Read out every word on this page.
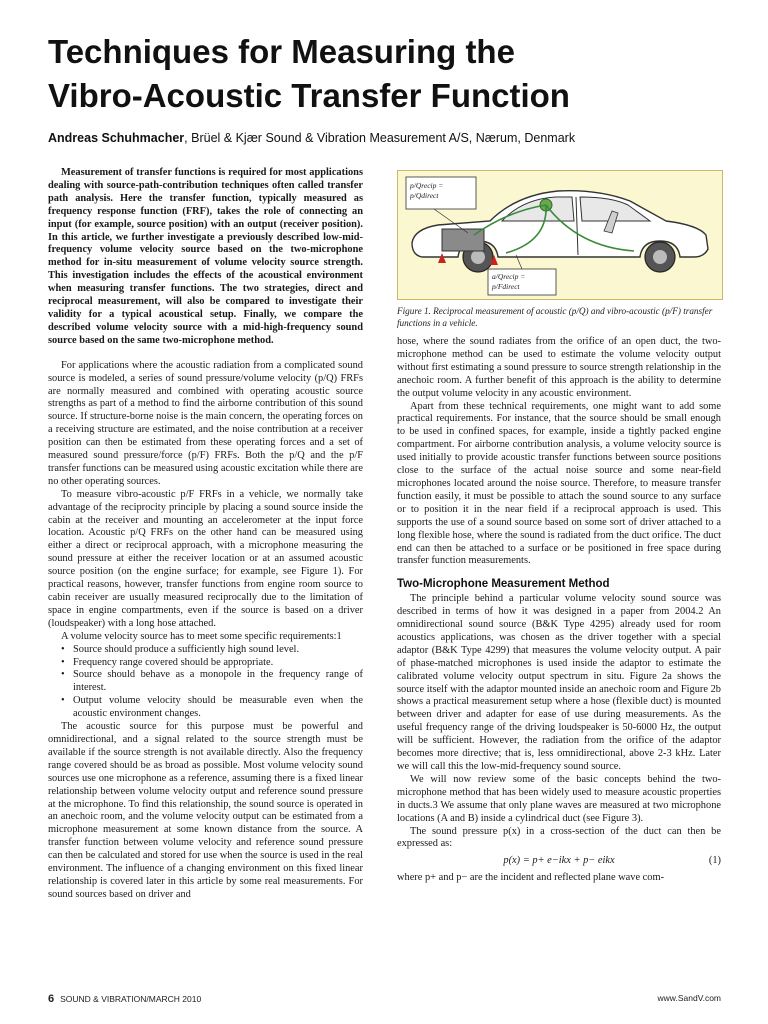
Techniques for Measuring the
Vibro-Acoustic Transfer Function
Andreas Schuhmacher, Brüel & Kjær Sound & Vibration Measurement A/S, Nærum, Denmark

Measurement of transfer functions is required for most applications dealing with source-path-contribution techniques often called transfer path analysis. Here the transfer function, typically measured as frequency response function (FRF), takes the role of connecting an input (for example, source position) with an output (receiver position). In this article, we further investigate a previously described low-mid-frequency volume velocity source based on the two-microphone method for in-situ measurement of volume velocity source strength. This investigation includes the effects of the acoustical environment when measuring transfer functions. The two strategies, direct and reciprocal measurement, will also be compared to investigate their validity for a typical acoustical setup. Finally, we compare the described volume velocity source with a mid-high-frequency sound source based on the same two-microphone method.

For applications where the acoustic radiation from a complicated sound source is modeled, a series of sound pressure/volume velocity (p/Q) FRFs are normally measured and combined with operating acoustic source strengths as part of a method to find the airborne contribution of this sound source. If structure-borne noise is the main concern, the operating forces on a receiving structure are estimated, and the noise contribution at a receiver position can then be estimated from these operating forces and a set of measured sound pressure/force (p/F) FRFs. Both the p/Q and the p/F transfer functions can be measured using acoustic excitation while there are no other operating sources.

To measure vibro-acoustic p/F FRFs in a vehicle, we normally take advantage of the reciprocity principle by placing a sound source inside the cabin at the receiver and mounting an accelerometer at the input force location. Acoustic p/Q FRFs on the other hand can be measured using either a direct or reciprocal approach, with a microphone measuring the sound pressure at either the receiver location or at an assumed acoustic source position (on the engine surface; for example, see Figure 1). For practical reasons, however, transfer functions from engine room source to cabin receiver are usually measured reciprocally due to the limitation of space in engine compartments, even if the source is based on a driver (loudspeaker) with a long hose attached.

A volume velocity source has to meet some specific requirements:1

• Source should produce a sufficiently high sound level.
• Frequency range covered should be appropriate.
• Source should behave as a monopole in the frequency range of interest.
• Output volume velocity should be measurable even when the acoustic environment changes.

The acoustic source for this purpose must be powerful and omnidirectional, and a signal related to the source strength must be available if the source strength is not available directly. Also the frequency range covered should be as broad as possible. Most volume velocity sound sources use one microphone as a reference, assuming there is a fixed linear relationship between volume velocity output and reference sound pressure at the microphone. To find this relationship, the sound source is operated in an anechoic room, and the volume velocity output can be estimated from a microphone measurement at some known distance from the source. A transfer function between volume velocity and reference sound pressure can then be calculated and stored for use when the source is used in the real environment. The influence of a changing environment on this fixed linear relationship is covered later in this article by some real measurements. For sound sources based on driver and

p/Qrecip = p/Qdirect
a/Qrecip = p/Fdirect
Figure 1. Reciprocal measurement of acoustic (p/Q) and vibro-acoustic (p/F) transfer functions in a vehicle.

hose, where the sound radiates from the orifice of an open duct, the two-microphone method can be used to estimate the volume velocity output without first estimating a sound pressure to source strength relationship in the anechoic room. A further benefit of this approach is the ability to determine the output volume velocity in any acoustic environment.

Apart from these technical requirements, one might want to add some practical requirements. For instance, that the source should be small enough to be used in confined spaces, for example, inside a tightly packed engine compartment. For airborne contribution analysis, a volume velocity source is used initially to provide acoustic transfer functions between source positions close to the surface of the actual noise source and some near-field microphones located around the noise source. Therefore, to measure transfer function easily, it must be possible to attach the sound source to any surface or to position it in the near field if a reciprocal approach is used. This supports the use of a sound source based on some sort of driver attached to a long flexible hose, where the sound is radiated from the duct orifice. The duct end can then be attached to a surface or be positioned in free space during transfer function measurements.

Two-Microphone Measurement Method

The principle behind a particular volume velocity sound source was described in terms of how it was designed in a paper from 2004.2 An omnidirectional sound source (B&K Type 4295) already used for room acoustics applications, was chosen as the driver together with a special adaptor (B&K Type 4299) that measures the volume velocity output. A pair of phase-matched microphones is used inside the adaptor to estimate the calibrated volume velocity output spectrum in situ. Figure 2a shows the source itself with the adaptor mounted inside an anechoic room and Figure 2b shows a practical measurement setup where a hose (flexible duct) is mounted between driver and adapter for ease of use during measurements. As the useful frequency range of the driving loudspeaker is 50-6000 Hz, the output will be sufficient. However, the radiation from the orifice of the adaptor becomes more directive; that is, less omnidirectional, above 2-3 kHz. Later we will call this the low-mid-frequency sound source.

We will now review some of the basic concepts behind the two-microphone method that has been widely used to measure acoustic properties in ducts.3 We assume that only plane waves are measured at two microphone locations (A and B) inside a cylindrical duct (see Figure 3).

The sound pressure p(x) in a cross-section of the duct can then be expressed as:

p(x) = p+ e−ikx + p− eikx	(1)

where p+ and p− are the incident and reflected plane wave com-

6 SOUND & VIBRATION/MARCH 2010	www.SandV.com
